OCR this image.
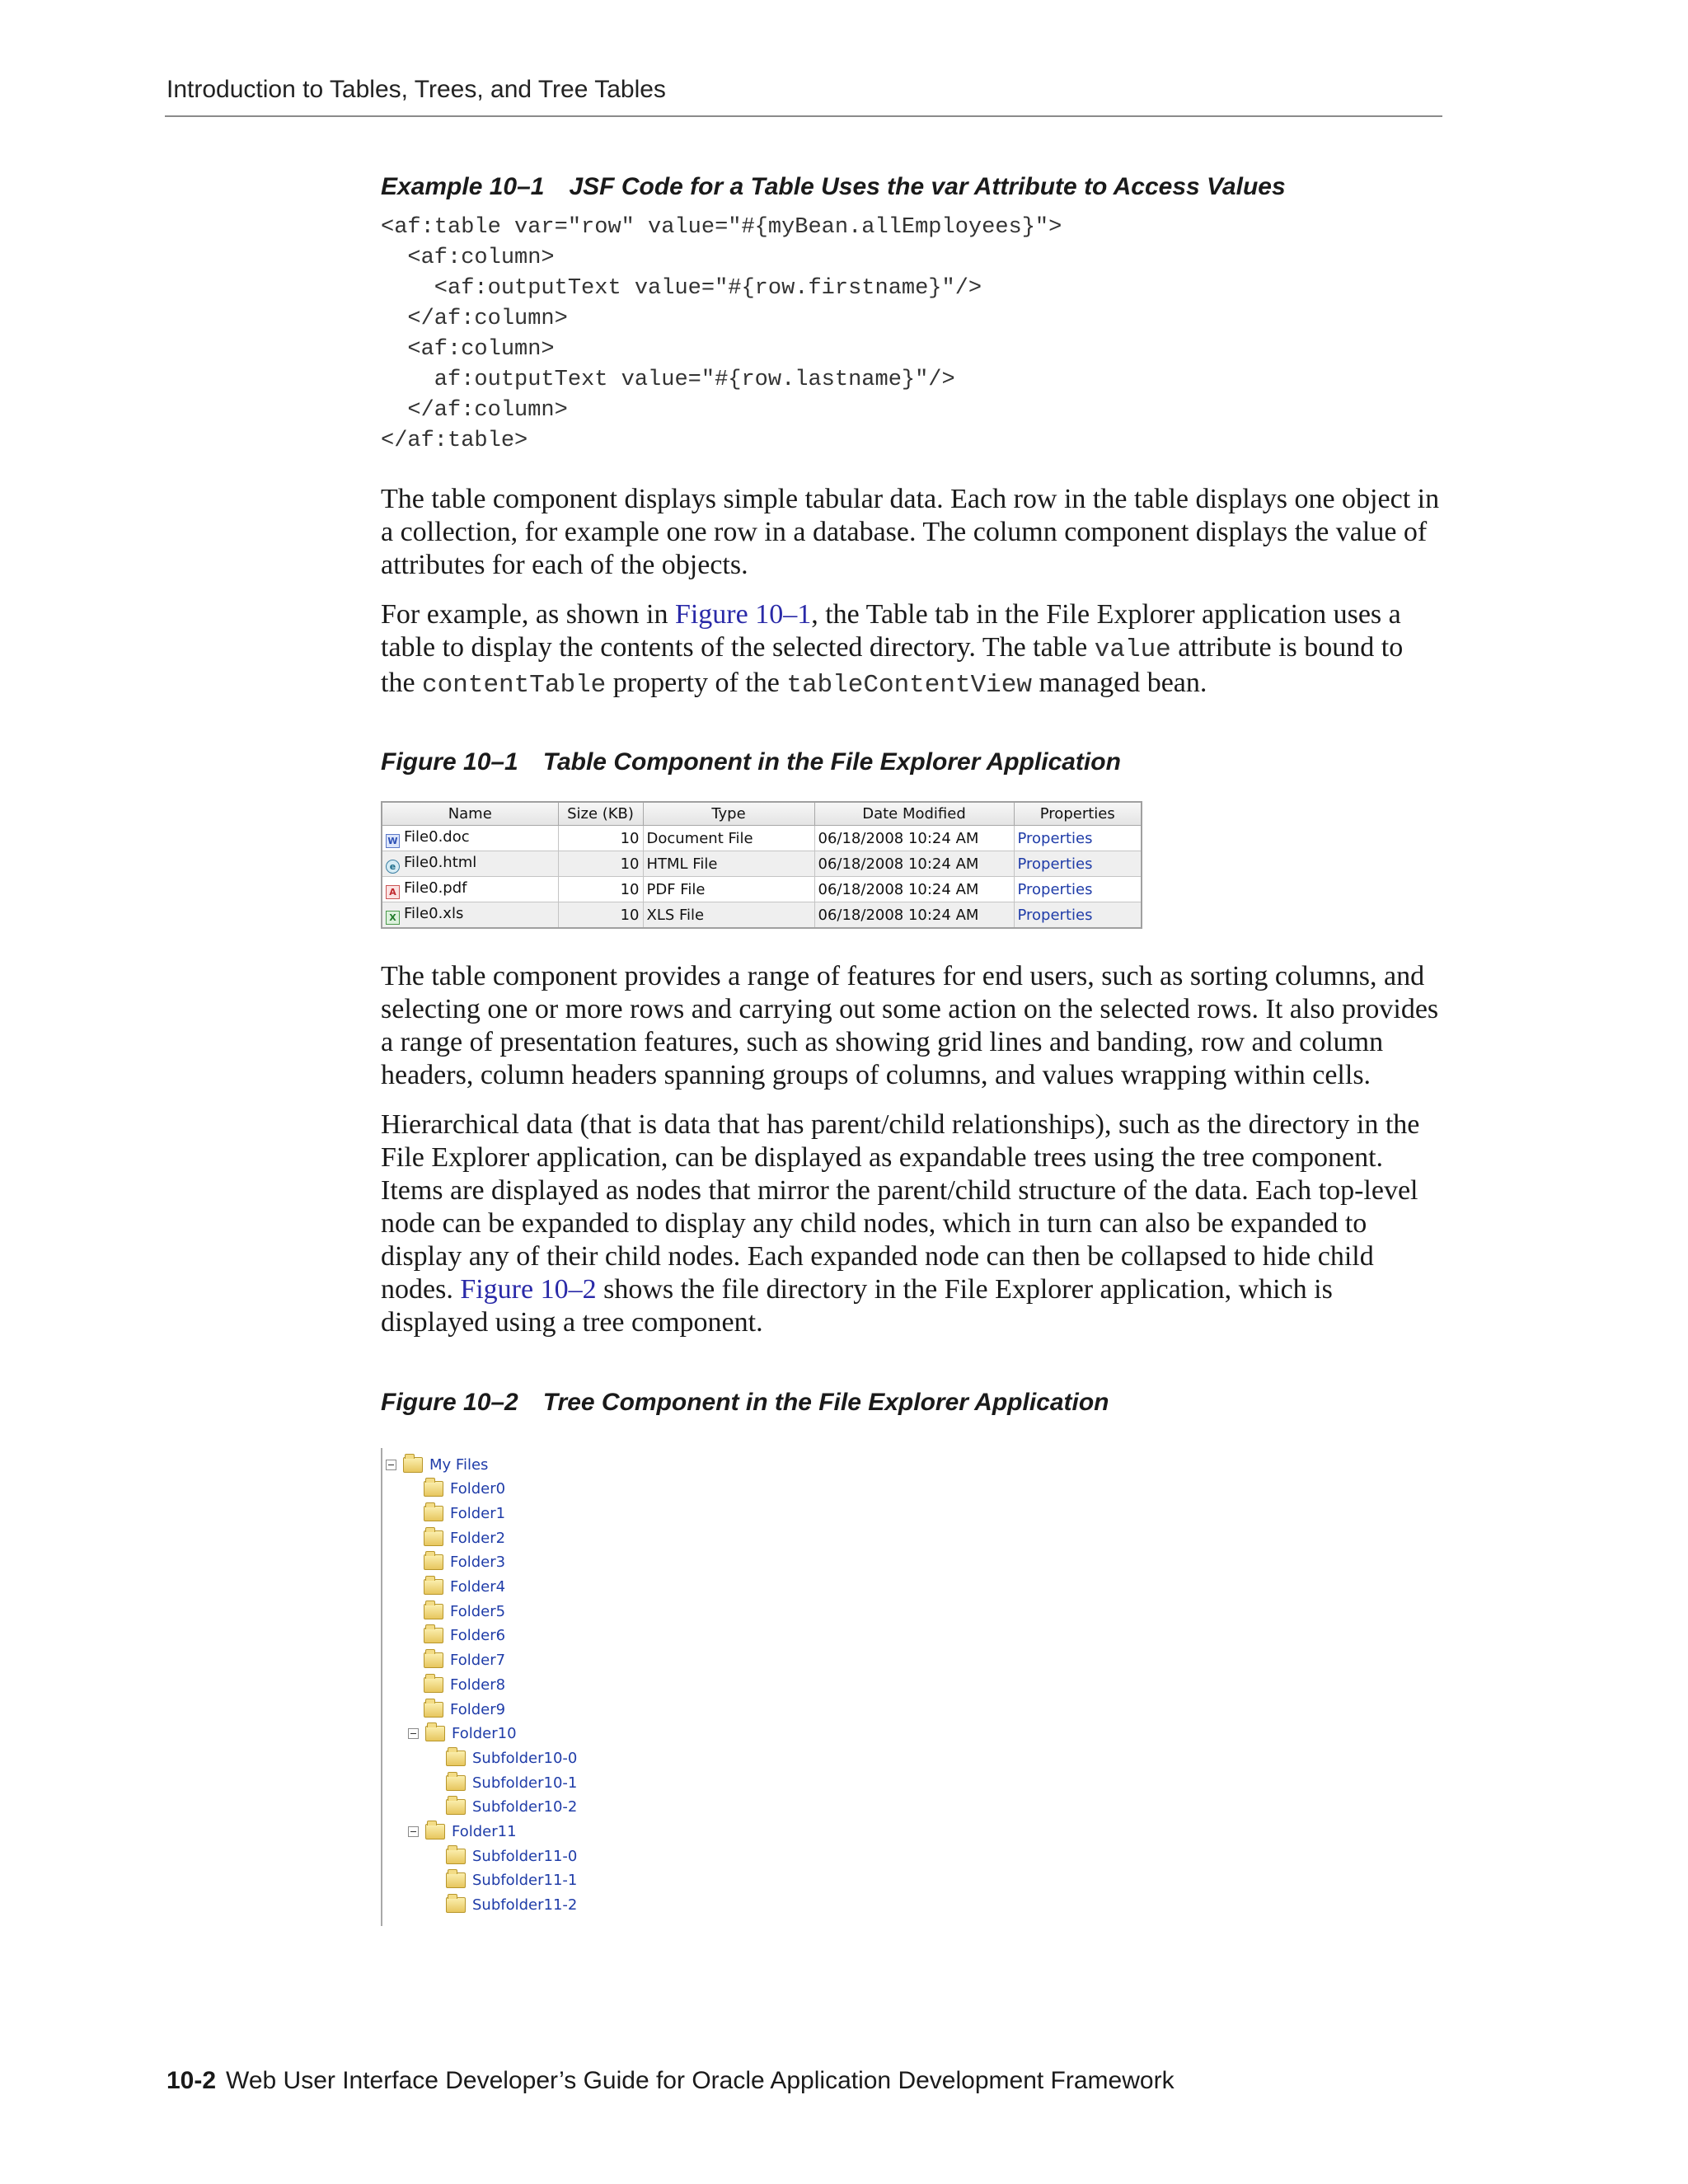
Introduction to Tables, Trees, and Tree Tables

Example 10–1 JSF Code for a Table Uses the var Attribute to Access Values

<af:table var="row" value="#{myBean.allEmployees}">
<af:column>
<af:outputText value="#{row.firstname}"/>
</af:column>
<af:column>
af:outputText value="#{row.lastname}"/>
</af:column>
</af:table>

The table component displays simple tabular data. Each row in the table displays one object in a collection, for example one row in a database. The column component displays the value of attributes for each of the objects.

For example, as shown in Figure 10–1, the Table tab in the File Explorer application uses a table to display the contents of the selected directory. The table value attribute is bound to the contentTable property of the tableContentView managed bean.

Figure 10–1 Table Component in the File Explorer Application

Name	Size (KB)	Type	Date Modified	Properties
W File0.doc	10	Document File	06/18/2008 10:24 AM	Properties
e File0.html	10	HTML File	06/18/2008 10:24 AM	Properties
A File0.pdf	10	PDF File	06/18/2008 10:24 AM	Properties
X File0.xls	10	XLS File	06/18/2008 10:24 AM	Properties

The table component provides a range of features for end users, such as sorting columns, and selecting one or more rows and carrying out some action on the selected rows. It also provides a range of presentation features, such as showing grid lines and banding, row and column headers, column headers spanning groups of columns, and values wrapping within cells.

Hierarchical data (that is data that has parent/child relationships), such as the directory in the File Explorer application, can be displayed as expandable trees using the tree component. Items are displayed as nodes that mirror the parent/child structure of the data. Each top-level node can be expanded to display any child nodes, which in turn can also be expanded to display any of their child nodes. Each expanded node can then be collapsed to hide child nodes. Figure 10–2 shows the file directory in the File Explorer application, which is displayed using a tree component.

Figure 10–2 Tree Component in the File Explorer Application

My Files
Folder0
Folder1
Folder2
Folder3
Folder4
Folder5
Folder6
Folder7
Folder8
Folder9
Folder10
Subfolder10-0
Subfolder10-1
Subfolder10-2
Folder11
Subfolder11-0
Subfolder11-1
Subfolder11-2
10-2 Web User Interface Developer’s Guide for Oracle Application Development Framework
